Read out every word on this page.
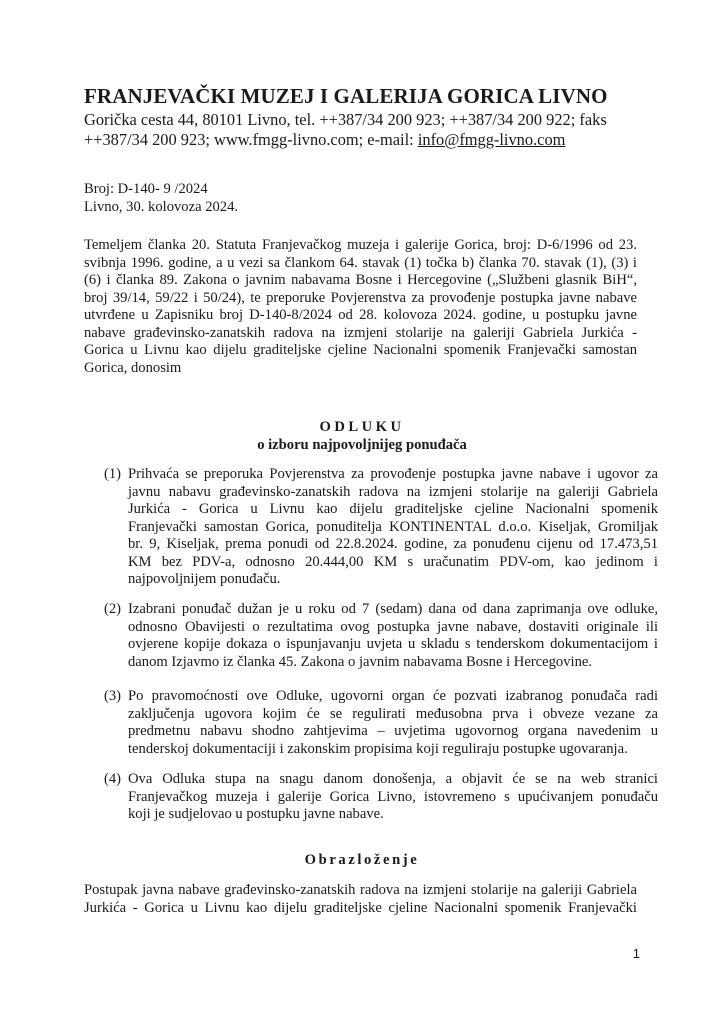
FRANJEVAČKI MUZEJ I GALERIJA GORICA LIVNO
Gorička cesta 44, 80101 Livno, tel. ++387/34 200 923; ++387/34 200 922; faks
++387/34 200 923; www.fmgg-livno.com; e-mail: info@fmgg-livno.com
Broj: D-140- 9 /2024
Livno, 30. kolovoza 2024.
Temeljem članka 20. Statuta Franjevačkog muzeja i galerije Gorica, broj: D-6/1996 od 23.
svibnja 1996. godine, a u vezi sa člankom 64. stavak (1) točka b) članka 70. stavak (1), (3) i
(6) i članka 89. Zakona o javnim nabavama Bosne i Hercegovine („Službeni glasnik BiH“,
broj 39/14, 59/22 i 50/24), te preporuke Povjerenstva za provođenje postupka javne nabave
utvrđene u Zapisniku broj D-140-8/2024 od 28. kolovoza 2024. godine, u postupku javne
nabave građevinsko-zanatskih radova na izmjeni stolarije na galeriji Gabriela Jurkića -
Gorica u Livnu kao dijelu graditeljske cjeline Nacionalni spomenik Franjevački samostan
Gorica, donosim
ODLUKU
o izboru najpovoljnijeg ponuđača
(1) Prihvaća se preporuka Povjerenstva za provođenje postupka javne nabave i ugovor za
javnu nabavu građevinsko-zanatskih radova na izmjeni stolarije na galeriji Gabriela
Jurkića - Gorica u Livnu kao dijelu graditeljske cjeline Nacionalni spomenik
Franjevački samostan Gorica, ponuditelja KONTINENTAL d.o.o. Kiseljak, Gromiljak
br. 9, Kiseljak, prema ponudi od 22.8.2024. godine, za ponuđenu cijenu od 17.473,51
KM bez PDV-a, odnosno 20.444,00 KM s uračunatim PDV-om, kao jedinom i
najpovoljnijem ponuđaču.
(2) Izabrani ponuđač dužan je u roku od 7 (sedam) dana od dana zaprimanja ove odluke,
odnosno Obavijesti o rezultatima ovog postupka javne nabave, dostaviti originale ili
ovjerene kopije dokaza o ispunjavanju uvjeta u skladu s tenderskom dokumentacijom i
danom Izjavmo iz članka 45. Zakona o javnim nabavama Bosne i Hercegovine.
(3) Po pravomoćnosti ove Odluke, ugovorni organ će pozvati izabranog ponuđača radi
zaključenja ugovora kojim će se regulirati međusobna prva i obveze vezane za
predmetnu nabavu shodno zahtjevima – uvjetima ugovornog organa navedenim u
tenderskoj dokumentaciji i zakonskim propisima koji reguliraju postupke ugovaranja.
(4) Ova Odluka stupa na snagu danom donošenja, a objavit će se na web stranici
Franjevačkog muzeja i galerije Gorica Livno, istovremeno s upućivanjem ponuđaču
koji je sudjelovao u postupku javne nabave.
Obrazloženje
Postupak javna nabave građevinsko-zanatskih radova na izmjeni stolarije na galeriji Gabriela
Jurkića - Gorica u Livnu kao dijelu graditeljske cjeline Nacionalni spomenik Franjevački
1
